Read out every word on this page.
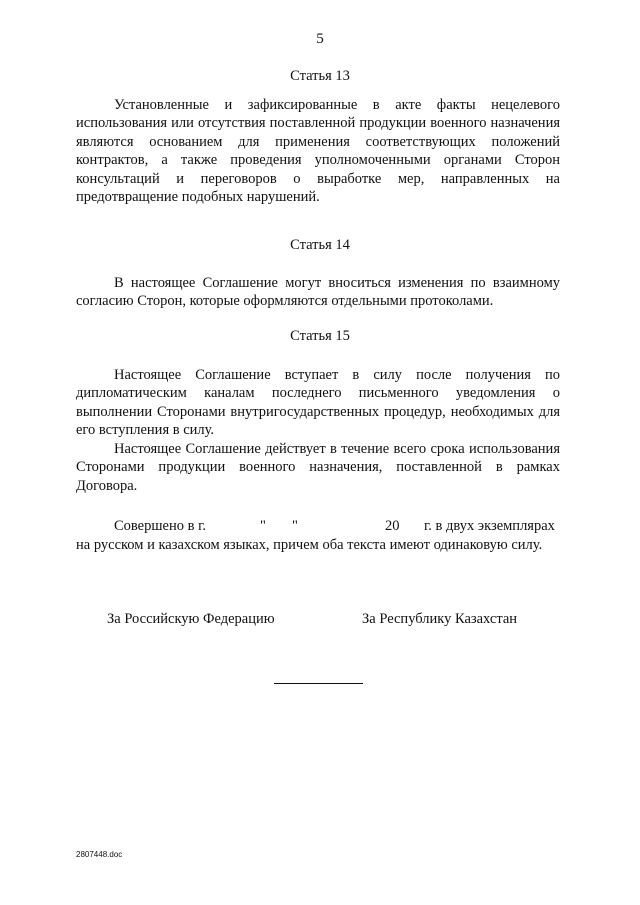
5
Статья 13
Установленные и зафиксированные в акте факты нецелевого использования или отсутствия поставленной продукции военного назначения являются основанием для применения соответствующих положений контрактов, а также проведения уполномоченными органами Сторон консультаций и переговоров о выработке мер, направленных на предотвращение подобных нарушений.
Статья 14
В настоящее Соглашение могут вноситься изменения по взаимному согласию Сторон, которые оформляются отдельными протоколами.
Статья 15
Настоящее Соглашение вступает в силу после получения по дипломатическим каналам последнего письменного уведомления о выполнении Сторонами внутригосударственных процедур, необходимых для его вступления в силу.
Настоящее Соглашение действует в течение всего срока использования Сторонами продукции военного назначения, поставленной в рамках Договора.
Совершено в г.	" "	20 г. в двух экземплярах
на русском и казахском языках, причем оба текста имеют одинаковую силу.
За Российскую Федерацию	За Республику Казахстан
2807448.doc
